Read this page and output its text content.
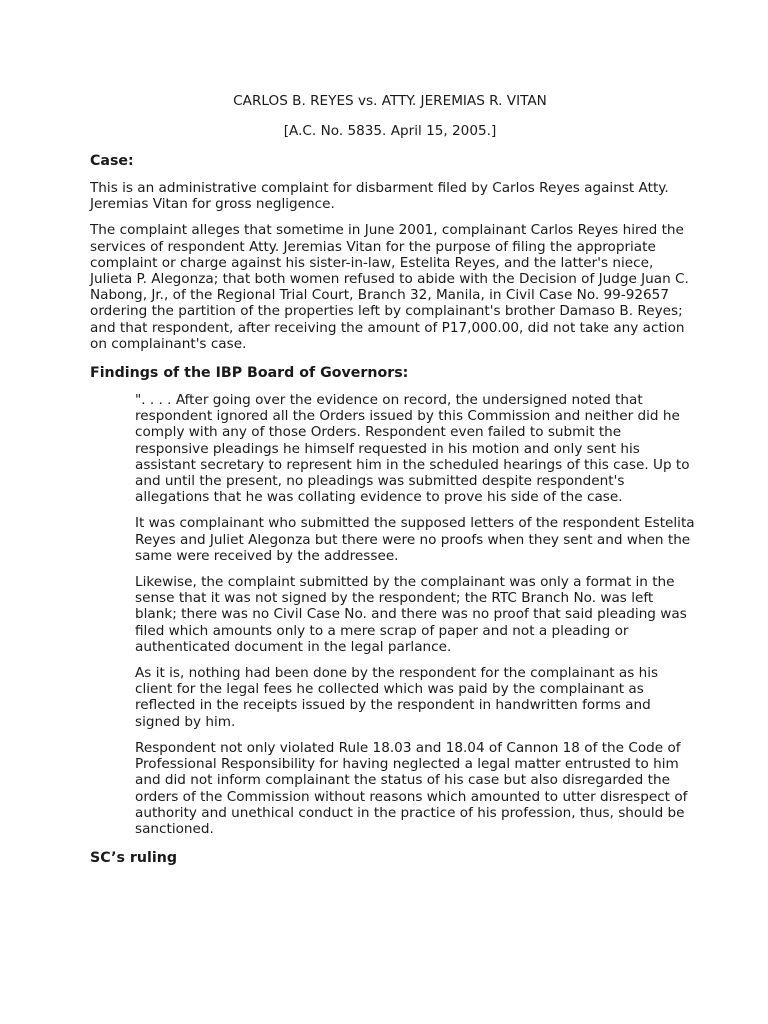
CARLOS B. REYES vs. ATTY. JEREMIAS R. VITAN

[A.C. No. 5835. April 15, 2005.]

Case:

This is an administrative complaint for disbarment filed by Carlos Reyes against Atty. Jeremias Vitan for gross negligence.

The complaint alleges that sometime in June 2001, complainant Carlos Reyes hired the services of respondent Atty. Jeremias Vitan for the purpose of filing the appropriate complaint or charge against his sister-in-law, Estelita Reyes, and the latter's niece, Julieta P. Alegonza; that both women refused to abide with the Decision of Judge Juan C. Nabong, Jr., of the Regional Trial Court, Branch 32, Manila, in Civil Case No. 99-92657 ordering the partition of the properties left by complainant's brother Damaso B. Reyes; and that respondent, after receiving the amount of P17,000.00, did not take any action on complainant's case.

Findings of the IBP Board of Governors:

". . . . After going over the evidence on record, the undersigned noted that respondent ignored all the Orders issued by this Commission and neither did he comply with any of those Orders. Respondent even failed to submit the responsive pleadings he himself requested in his motion and only sent his assistant secretary to represent him in the scheduled hearings of this case. Up to and until the present, no pleadings was submitted despite respondent's allegations that he was collating evidence to prove his side of the case.

It was complainant who submitted the supposed letters of the respondent Estelita Reyes and Juliet Alegonza but there were no proofs when they sent and when the same were received by the addressee.

Likewise, the complaint submitted by the complainant was only a format in the sense that it was not signed by the respondent; the RTC Branch No. was left blank; there was no Civil Case No. and there was no proof that said pleading was filed which amounts only to a mere scrap of paper and not a pleading or authenticated document in the legal parlance.

As it is, nothing had been done by the respondent for the complainant as his client for the legal fees he collected which was paid by the complainant as reflected in the receipts issued by the respondent in handwritten forms and signed by him.

Respondent not only violated Rule 18.03 and 18.04 of Cannon 18 of the Code of Professional Responsibility for having neglected a legal matter entrusted to him and did not inform complainant the status of his case but also disregarded the orders of the Commission without reasons which amounted to utter disrespect of authority and unethical conduct in the practice of his profession, thus, should be sanctioned.

SC’s ruling
